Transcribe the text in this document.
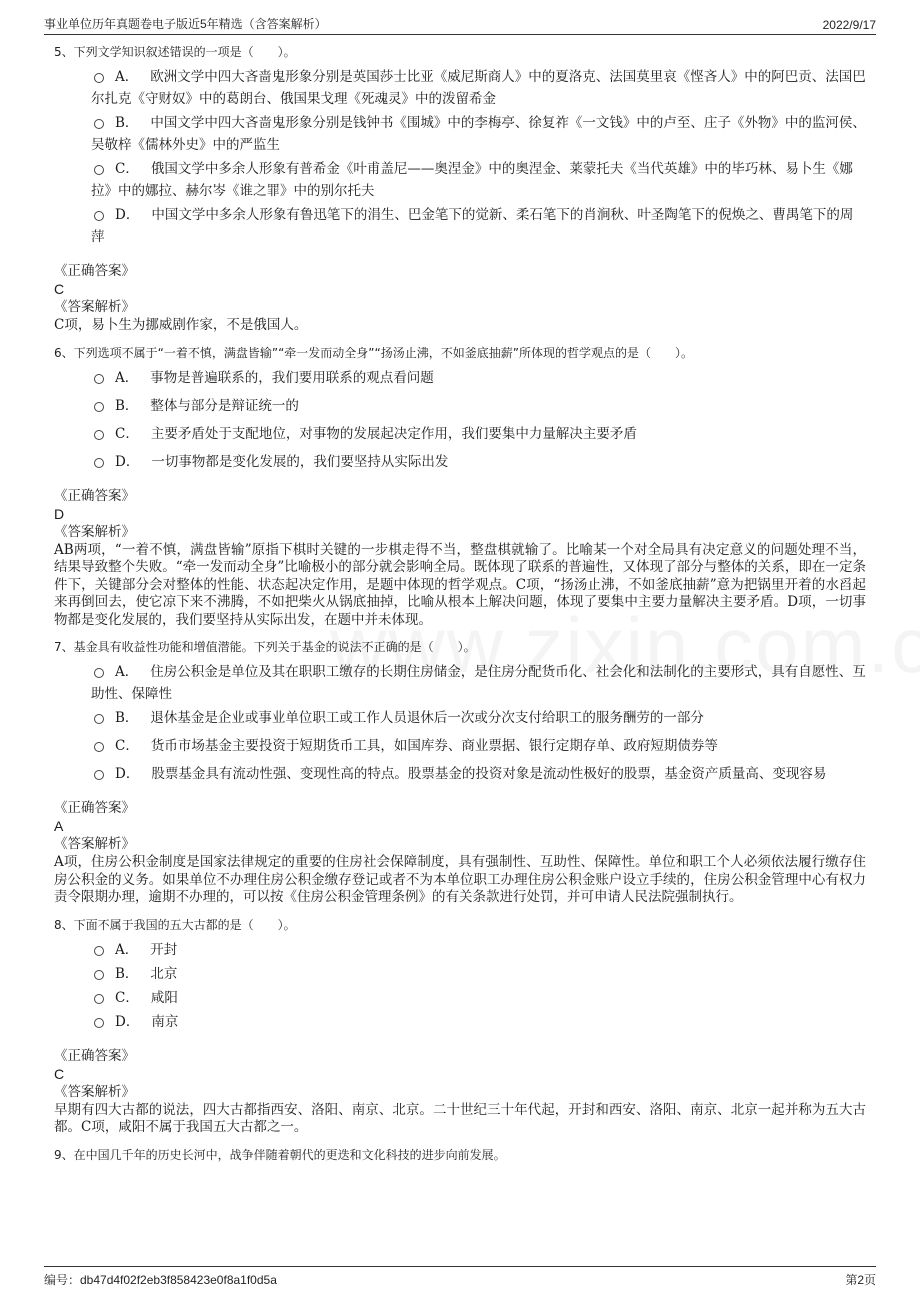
事业单位历年真题卷电子版近5年精选（含答案解析）	2022/9/17
5、下列文学知识叙述错误的一项是（　　）。
A． 欧洲文学中四大吝啬鬼形象分别是英国莎士比亚《威尼斯商人》中的夏洛克、法国莫里哀《悭吝人》中的阿巴贡、法国巴尔扎克《守财奴》中的葛朗台、俄国果戈理《死魂灵》中的泼留希金
B． 中国文学中四大吝啬鬼形象分别是钱钟书《围城》中的李梅亭、徐复祚《一文钱》中的卢至、庄子《外物》中的监河侯、吴敬梓《儒林外史》中的严监生
C． 俄国文学中多余人形象有普希金《叶甫盖尼——奥涅金》中的奥涅金、莱蒙托夫《当代英雄》中的毕巧林、易卜生《娜拉》中的娜拉、赫尔岑《谁之罪》中的别尔托夫
D． 中国文学中多余人形象有鲁迅笔下的涓生、巴金笔下的觉新、柔石笔下的肖涧秋、叶圣陶笔下的倪焕之、曹禺笔下的周萍
《正确答案》
C
《答案解析》
C项，易卜生为挪威剧作家，不是俄国人。
6、下列选项不属于“一着不慎，满盘皆输”“牵一发而动全身”“扬汤止沸，不如釜底抽薪”所体现的哲学观点的是（　　）。
A． 事物是普遍联系的，我们要用联系的观点看问题
B． 整体与部分是辩证统一的
C． 主要矛盾处于支配地位，对事物的发展起决定作用，我们要集中力量解决主要矛盾
D． 一切事物都是变化发展的，我们要坚持从实际出发
《正确答案》
D
《答案解析》
AB两项，“一着不慎，满盘皆输”原指下棋时关键的一步棋走得不当，整盘棋就输了。比喻某一个对全局具有决定意义的问题处理不当，结果导致整个失败。“牵一发而动全身”比喻极小的部分就会影响全局。既体现了联系的普遍性，又体现了部分与整体的关系，即在一定条件下，关键部分会对整体的性能、状态起决定作用，是题中体现的哲学观点。C项，“扬汤止沸，不如釜底抽薪”意为把锅里开着的水舀起来再倒回去，使它凉下来不沸腾，不如把柴火从锅底抽掉，比喻从根本上解决问题，体现了要集中主要力量解决主要矛盾。D项，一切事物都是变化发展的，我们要坚持从实际出发，在题中并未体现。
7、基金具有收益性功能和增值潜能。下列关于基金的说法不正确的是（　　）。
A． 住房公积金是单位及其在职职工缴存的长期住房储金，是住房分配货币化、社会化和法制化的主要形式，具有自愿性、互助性、保障性
B． 退休基金是企业或事业单位职工或工作人员退休后一次或分次支付给职工的服务酬劳的一部分
C． 货币市场基金主要投资于短期货币工具，如国库券、商业票据、银行定期存单、政府短期债券等
D． 股票基金具有流动性强、变现性高的特点。股票基金的投资对象是流动性极好的股票，基金资产质量高、变现容易
《正确答案》
A
《答案解析》
A项，住房公积金制度是国家法律规定的重要的住房社会保障制度，具有强制性、互助性、保障性。单位和职工个人必须依法履行缴存住房公积金的义务。如果单位不办理住房公积金缴存登记或者不为本单位职工办理住房公积金账户设立手续的，住房公积金管理中心有权力责令限期办理，逾期不办理的，可以按《住房公积金管理条例》的有关条款进行处罚，并可申请人民法院强制执行。
8、下面不属于我国的五大古都的是（　　）。
A． 开封
B． 北京
C． 咸阳
D． 南京
《正确答案》
C
《答案解析》
早期有四大古都的说法，四大古都指西安、洛阳、南京、北京。二十世纪三十年代起，开封和西安、洛阳、南京、北京一起并称为五大古都。C项，咸阳不属于我国五大古都之一。
9、在中国几千年的历史长河中，战争伴随着朝代的更迭和文化科技的进步向前发展。
编号：db47d4f02f2eb3f858423e0f8a1f0d5a	第2页
